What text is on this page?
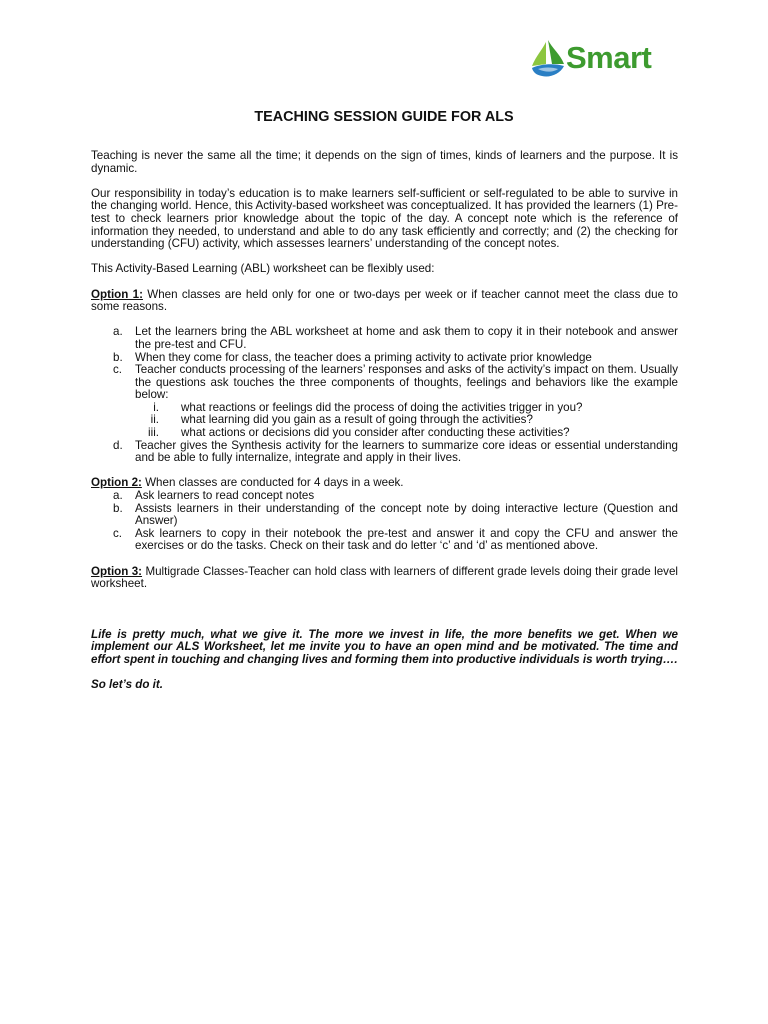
Smart
TEACHING SESSION GUIDE FOR ALS

Teaching is never the same all the time; it depends on the sign of times, kinds of learners and the purpose. It is dynamic.

Our responsibility in today’s education is to make learners self-sufficient or self-regulated to be able to survive in the changing world. Hence, this Activity-based worksheet was conceptualized. It has provided the learners (1) Pre-test to check learners prior knowledge about the topic of the day. A concept note which is the reference of information they needed, to understand and able to do any task efficiently and correctly; and (2) the checking for understanding (CFU) activity, which assesses learners’ understanding of the concept notes.

This Activity-Based Learning (ABL) worksheet can be flexibly used:

Option 1: When classes are held only for one or two-days per week or if teacher cannot meet the class due to some reasons.

a. Let the learners bring the ABL worksheet at home and ask them to copy it in their notebook and answer the pre-test and CFU.
b. When they come for class, the teacher does a priming activity to activate prior knowledge
c. Teacher conducts processing of the learners’ responses and asks of the activity’s impact on them. Usually the questions ask touches the three components of thoughts, feelings and behaviors like the example below:
i. what reactions or feelings did the process of doing the activities trigger in you?
ii. what learning did you gain as a result of going through the activities?
iii. what actions or decisions did you consider after conducting these activities?
d. Teacher gives the Synthesis activity for the learners to summarize core ideas or essential understanding and be able to fully internalize, integrate and apply in their lives.

Option 2: When classes are conducted for 4 days in a week.

a. Ask learners to read concept notes
b. Assists learners in their understanding of the concept note by doing interactive lecture (Question and Answer)
c. Ask learners to copy in their notebook the pre-test and answer it and copy the CFU and answer the exercises or do the tasks. Check on their task and do letter ‘c’ and ‘d’ as mentioned above.

Option 3: Multigrade Classes-Teacher can hold class with learners of different grade levels doing their grade level worksheet.

Life is pretty much, what we give it. The more we invest in life, the more benefits we get. When we implement our ALS Worksheet, let me invite you to have an open mind and be motivated. The time and effort spent in touching and changing lives and forming them into productive individuals is worth trying….

So let’s do it.
